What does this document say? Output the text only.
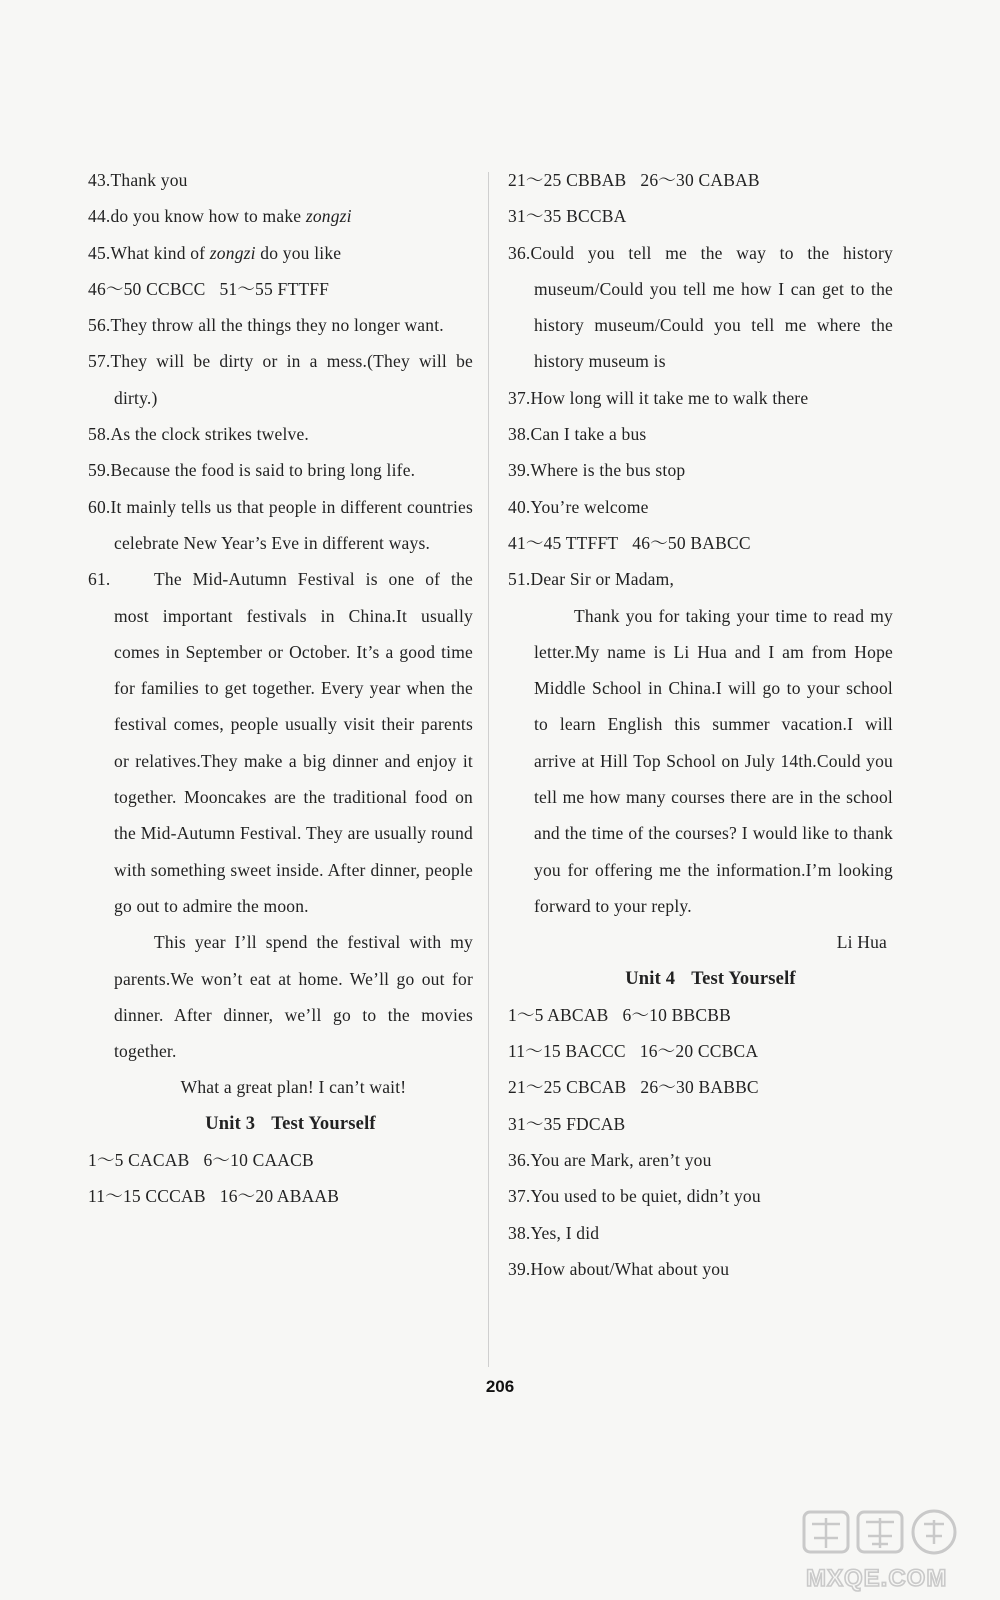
43.Thank you

44.do you know how to make zongzi

45.What kind of zongzi do you like

46～50 CCBCC 51～55 FTTFF

56.They throw all the things they no longer want.

57.They will be dirty or in a mess.(They will be dirty.)

58.As the clock strikes twelve.

59.Because the food is said to bring long life.

60.It mainly tells us that people in different countries celebrate New Year’s Eve in different ways.

61. The Mid-Autumn Festival is one of the most important festivals in China.It usually comes in September or October. It’s a good time for families to get together. Every year when the festival comes, people usually visit their parents or relatives.They make a big dinner and enjoy it together. Mooncakes are the traditional food on the Mid-Autumn Festival. They are usually round with something sweet inside. After dinner, people go out to admire the moon.

This year I’ll spend the festival with my parents.We won’t eat at home. We’ll go out for dinner. After dinner, we’ll go to the movies together.

What a great plan! I can’t wait!

Unit 3 Test Yourself

1～5 CACAB 6～10 CAACB

11～15 CCCAB 16～20 ABAAB

21～25 CBBAB 26～30 CABAB

31～35 BCCBA

36.Could you tell me the way to the history museum/Could you tell me how I can get to the history museum/Could you tell me where the history museum is

37.How long will it take me to walk there

38.Can I take a bus

39.Where is the bus stop

40.You’re welcome

41～45 TTFFT 46～50 BABCC

51.Dear Sir or Madam,

Thank you for taking your time to read my letter.My name is Li Hua and I am from Hope Middle School in China.I will go to your school to learn English this summer vacation.I will arrive at Hill Top School on July 14th.Could you tell me how many courses there are in the school and the time of the courses? I would like to thank you for offering me the information.I’m looking forward to your reply.

Li Hua

Unit 4 Test Yourself

1～5 ABCAB 6～10 BBCBB

11～15 BACCC 16～20 CCBCA

21～25 CBCAB 26～30 BABBC

31～35 FDCAB

36.You are Mark, aren’t you

37.You used to be quiet, didn’t you

38.Yes, I did

39.How about/What about you

206
MXQE.COM
